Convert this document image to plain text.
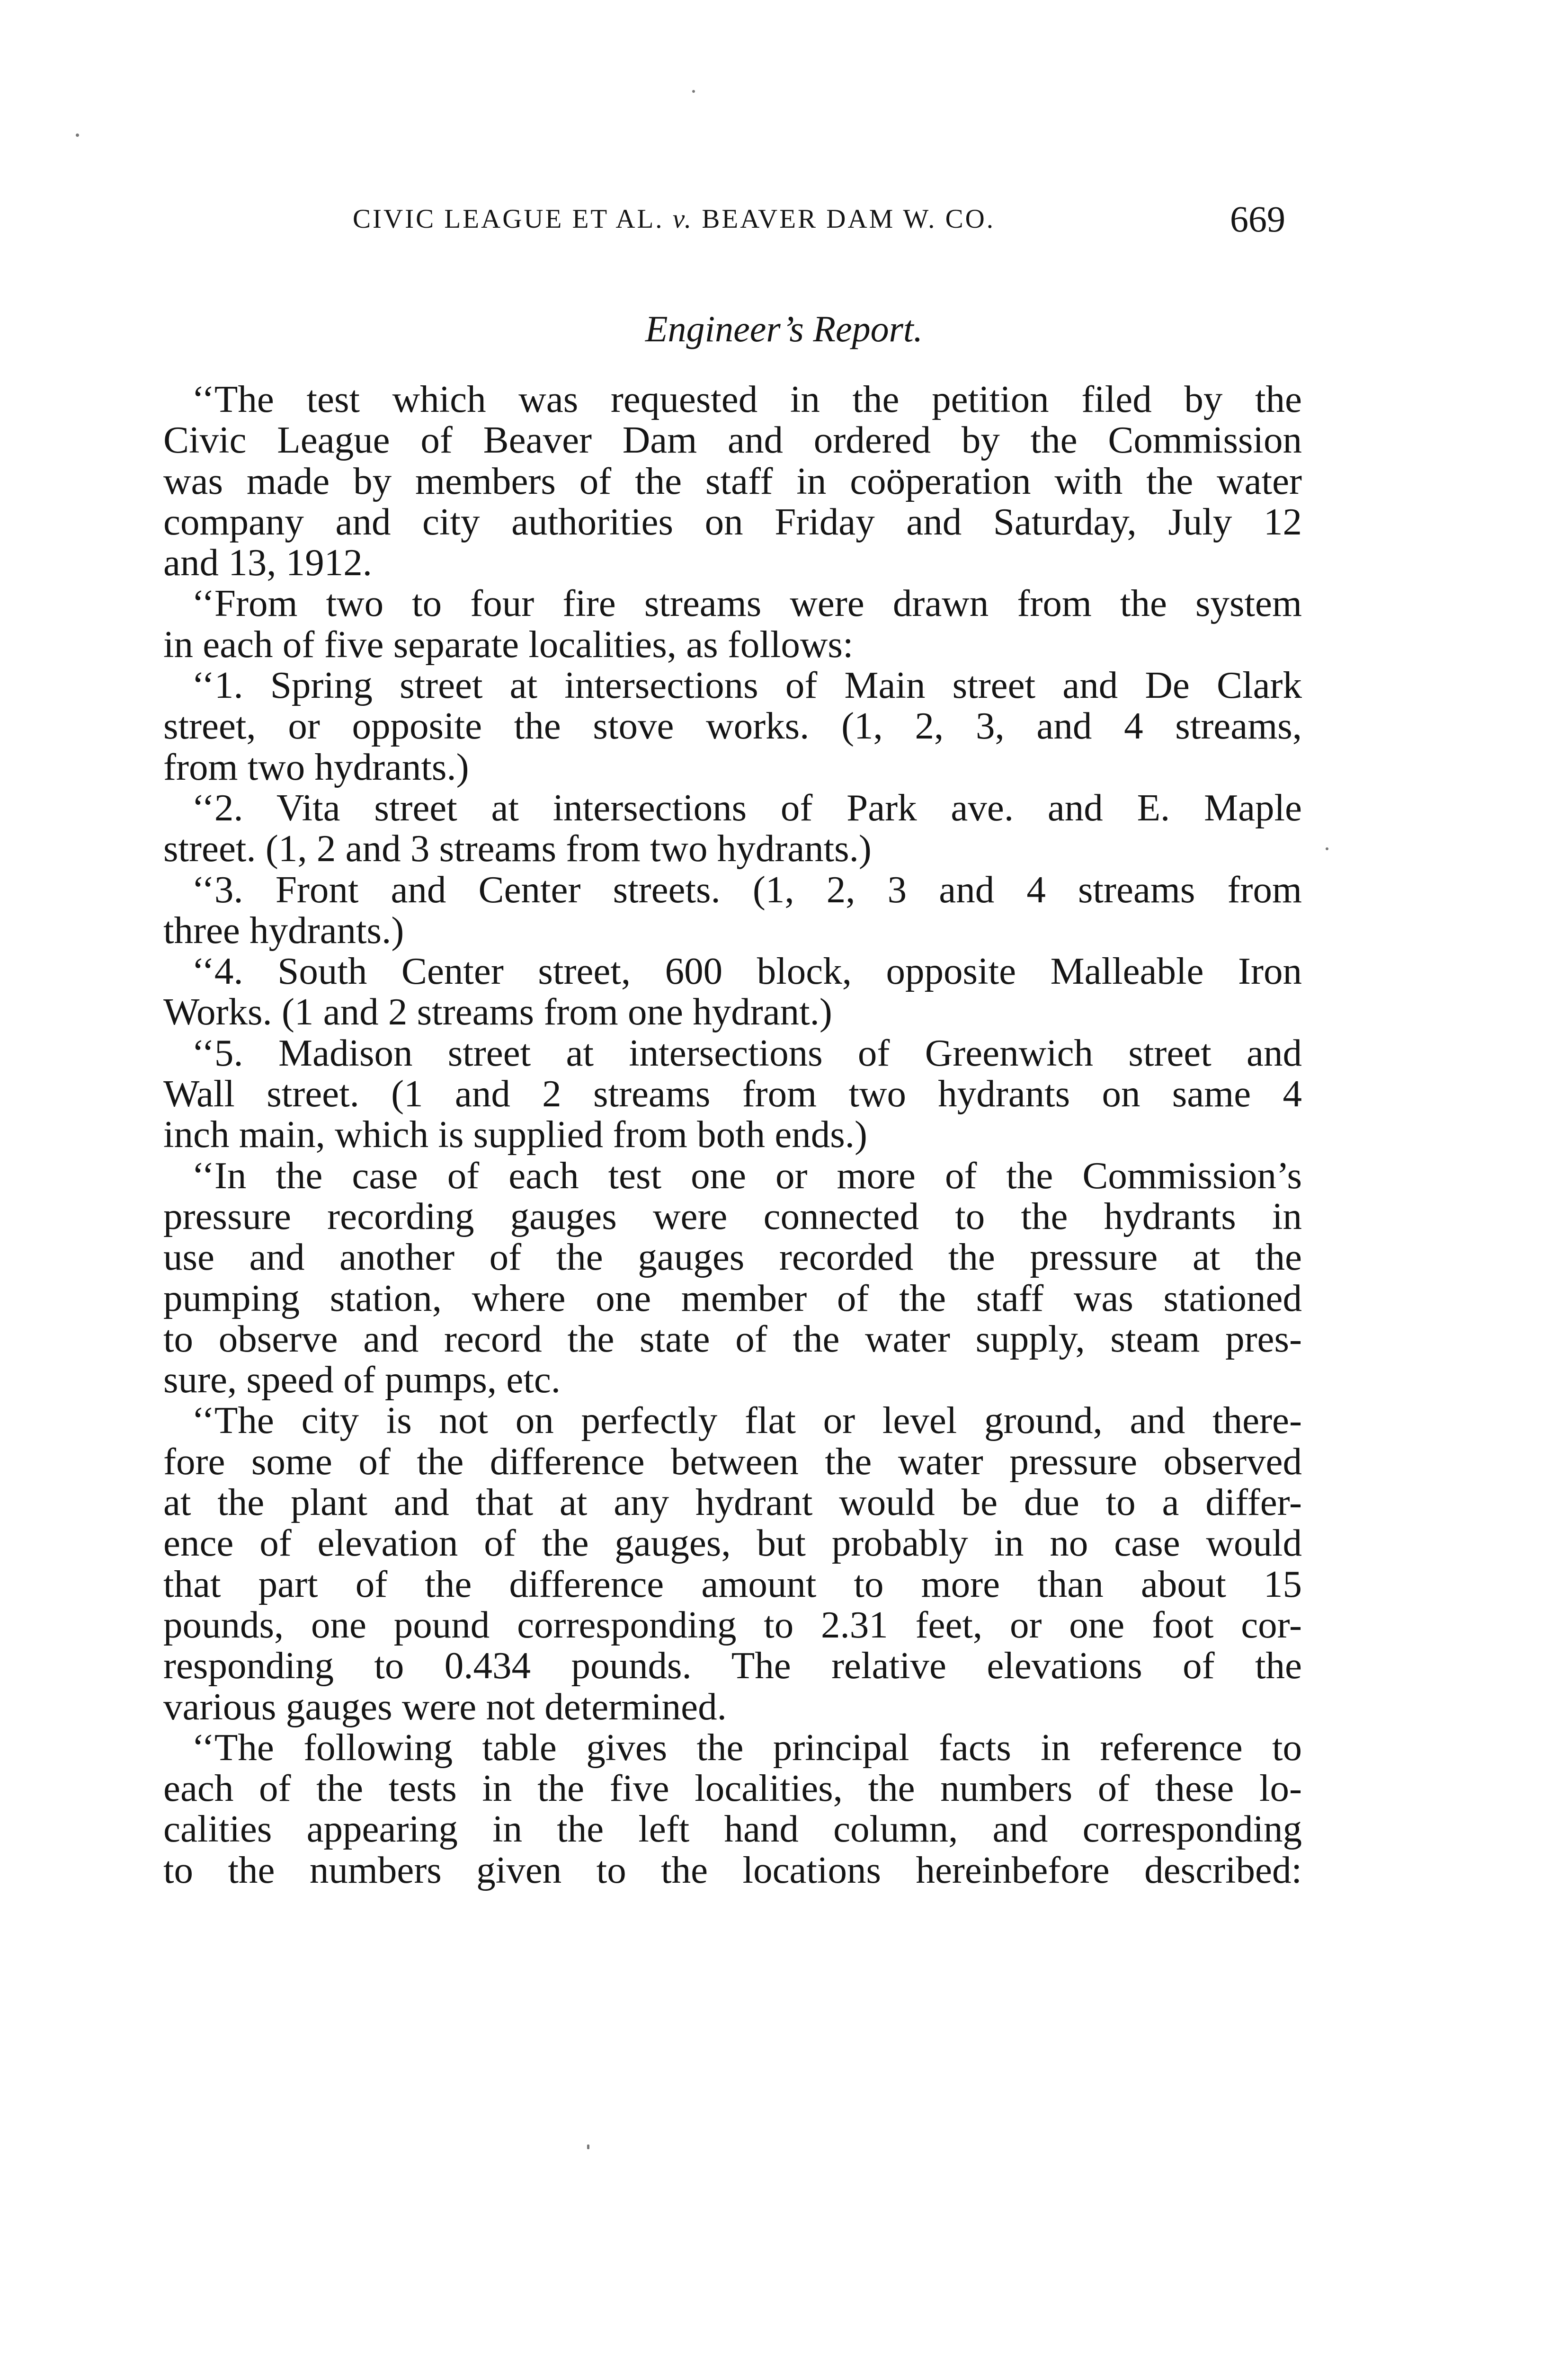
CIVIC LEAGUE ET AL. v. BEAVER DAM W. CO.	669
Engineer’s Report.
‘‘The test which was requested in the petition filed by the
Civic League of Beaver Dam and ordered by the Commission
was made by members of the staff in coöperation with the water
company and city authorities on Friday and Saturday, July 12
and 13, 1912.
‘‘From two to four fire streams were drawn from the system
in each of five separate localities, as follows:
‘‘1. Spring street at intersections of Main street and De Clark
street, or opposite the stove works. (1, 2, 3, and 4 streams,
from two hydrants.)
‘‘2. Vita street at intersections of Park ave. and E. Maple
street. (1, 2 and 3 streams from two hydrants.)
‘‘3. Front and Center streets. (1, 2, 3 and 4 streams from
three hydrants.)
‘‘4. South Center street, 600 block, opposite Malleable Iron
Works. (1 and 2 streams from one hydrant.)
‘‘5. Madison street at intersections of Greenwich street and
Wall street. (1 and 2 streams from two hydrants on same 4
inch main, which is supplied from both ends.)
‘‘In the case of each test one or more of the Commission’s
pressure recording gauges were connected to the hydrants in
use and another of the gauges recorded the pressure at the
pumping station, where one member of the staff was stationed
to observe and record the state of the water supply, steam pres-
sure, speed of pumps, etc.
‘‘The city is not on perfectly flat or level ground, and there-
fore some of the difference between the water pressure observed
at the plant and that at any hydrant would be due to a differ-
ence of elevation of the gauges, but probably in no case would
that part of the difference amount to more than about 15
pounds, one pound corresponding to 2.31 feet, or one foot cor-
responding to 0.434 pounds. The relative elevations of the
various gauges were not determined.
‘‘The following table gives the principal facts in reference to
each of the tests in the five localities, the numbers of these lo-
calities appearing in the left hand column, and corresponding
to the numbers given to the locations hereinbefore described:
